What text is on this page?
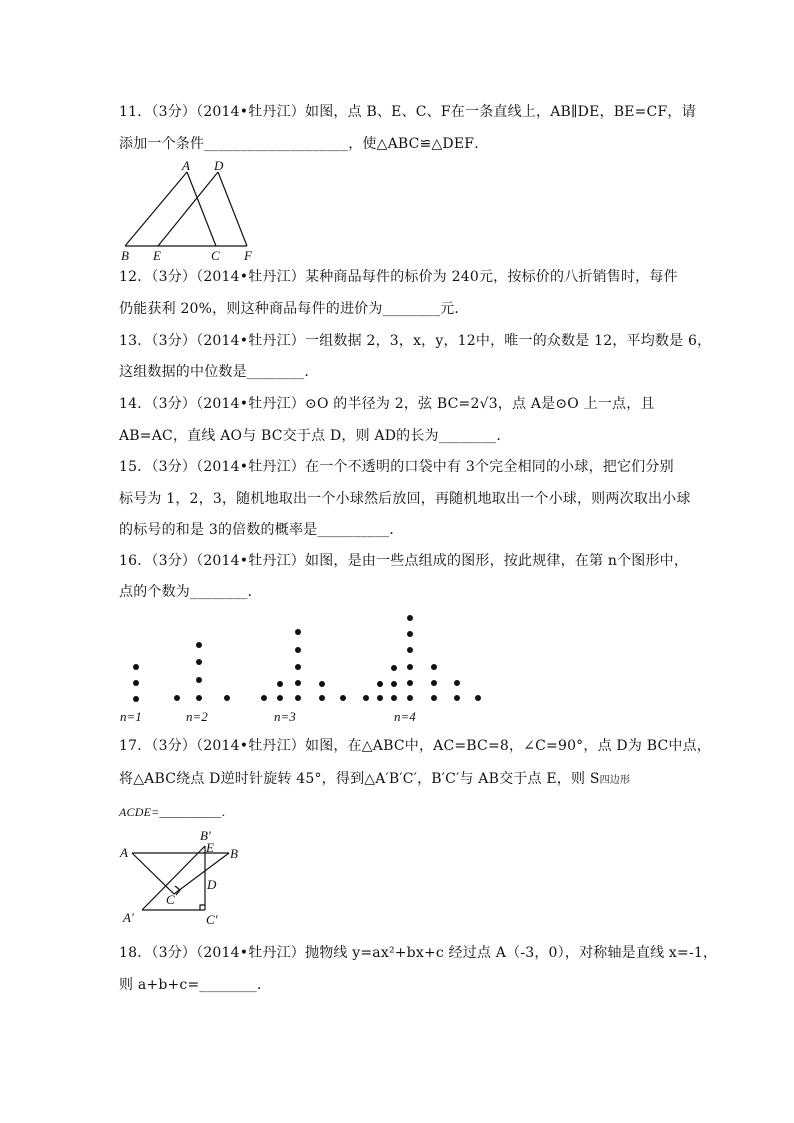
11．（3分）（2014•牡丹江）如图，点 B、E、C、F在一条直线上，AB∥DE，BE=CF，请
添加一个条件____________________，使△ABC≌△DEF．
A D
B E	C F
12．（3分）（2014•牡丹江）某种商品每件的标价为 240元，按标价的八折销售时，每件
仍能获利 20%，则这种商品每件的进价为________元．
13．（3分）（2014•牡丹江）一组数据 2，3，x，y，12中，唯一的众数是 12，平均数是 6，
这组数据的中位数是________．
14．（3分）（2014•牡丹江）⊙O 的半径为 2，弦 BC=2√3，点 A是⊙O 上一点，且
AB=AC，直线 AO与 BC交于点 D，则 AD的长为________．
15．（3分）（2014•牡丹江）在一个不透明的口袋中有 3个完全相同的小球，把它们分别
标号为 1，2，3，随机地取出一个小球然后放回，再随机地取出一个小球，则两次取出小球
的标号的和是 3的倍数的概率是__________．
16．（3分）（2014•牡丹江）如图，是由一些点组成的图形，按此规律，在第 n个图形中，
点的个数为________．
n=1	n=2	n=3	n=4
17．（3分）（2014•牡丹江）如图，在△ABC中，AC=BC=8，∠C=90°，点 D为 BC中点，
将△ABC绕点 D逆时针旋转 45°，得到△A′B′C′，B′C′与 AB交于点 E，则 S四边形
ACDE=__________．
A	B
B′
E
C
D
A′	C′
18．（3分）（2014•牡丹江）抛物线 y=ax²+bx+c 经过点 A（-3，0），对称轴是直线 x=-1，
则 a+b+c=________．
